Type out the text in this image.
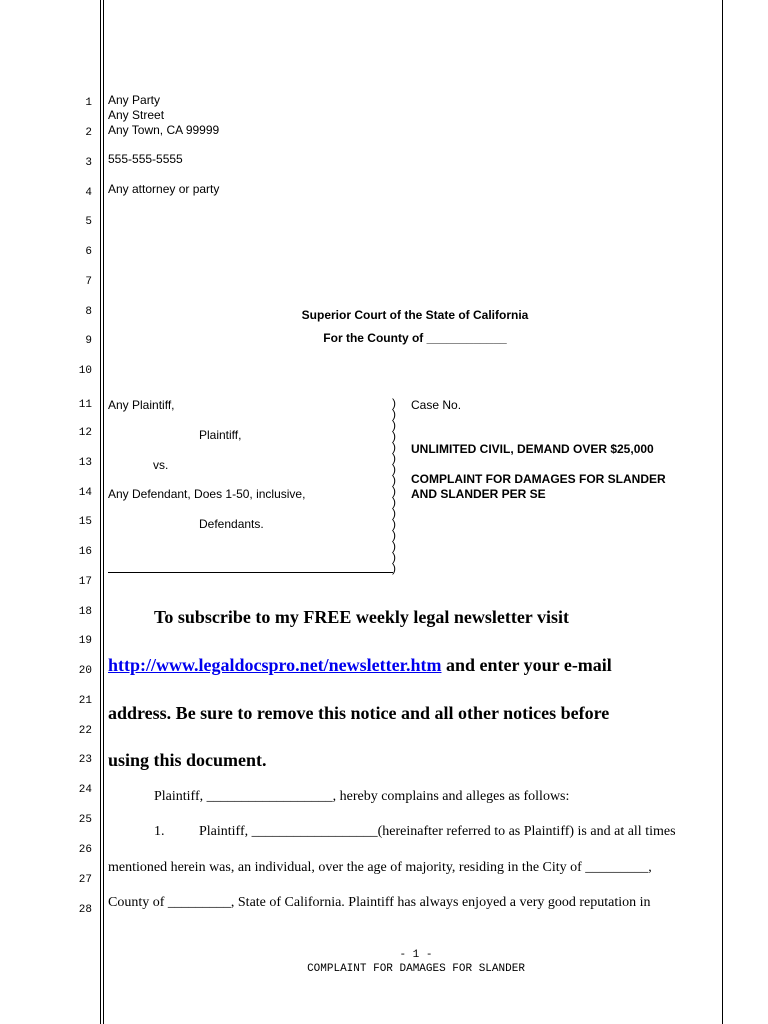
1
2
3
4
5
6
7
8
9
10
11
12
13
14
15
16
17
18
19
20
21
22
23
24
25
26
27
28
Any Party
Any Street
Any Town, CA 99999
555-555-5555
Any attorney or party
Superior Court of the State of California
For the County of ____________
Any Plaintiff,
Plaintiff,
vs.
Any Defendant, Does 1-50, inclusive,
Defendants.
)
)
)
)
)
)
)
)
)
)
)
)
)
)
)
)
Case No.
UNLIMITED CIVIL, DEMAND OVER $25,000
COMPLAINT FOR DAMAGES FOR SLANDER
AND SLANDER PER SE
To subscribe to my FREE weekly legal newsletter visit
http://www.legaldocspro.net/newsletter.htm and enter your e-mail
address. Be sure to remove this notice and all other notices before
using this document.
Plaintiff, __________________, hereby complains and alleges as follows:
1. Plaintiff, __________________(hereinafter referred to as Plaintiff) is and at all times
mentioned herein was, an individual, over the age of majority, residing in the City of _________,
County of _________, State of California. Plaintiff has always enjoyed a very good reputation in
- 1 -
COMPLAINT FOR DAMAGES FOR SLANDER
